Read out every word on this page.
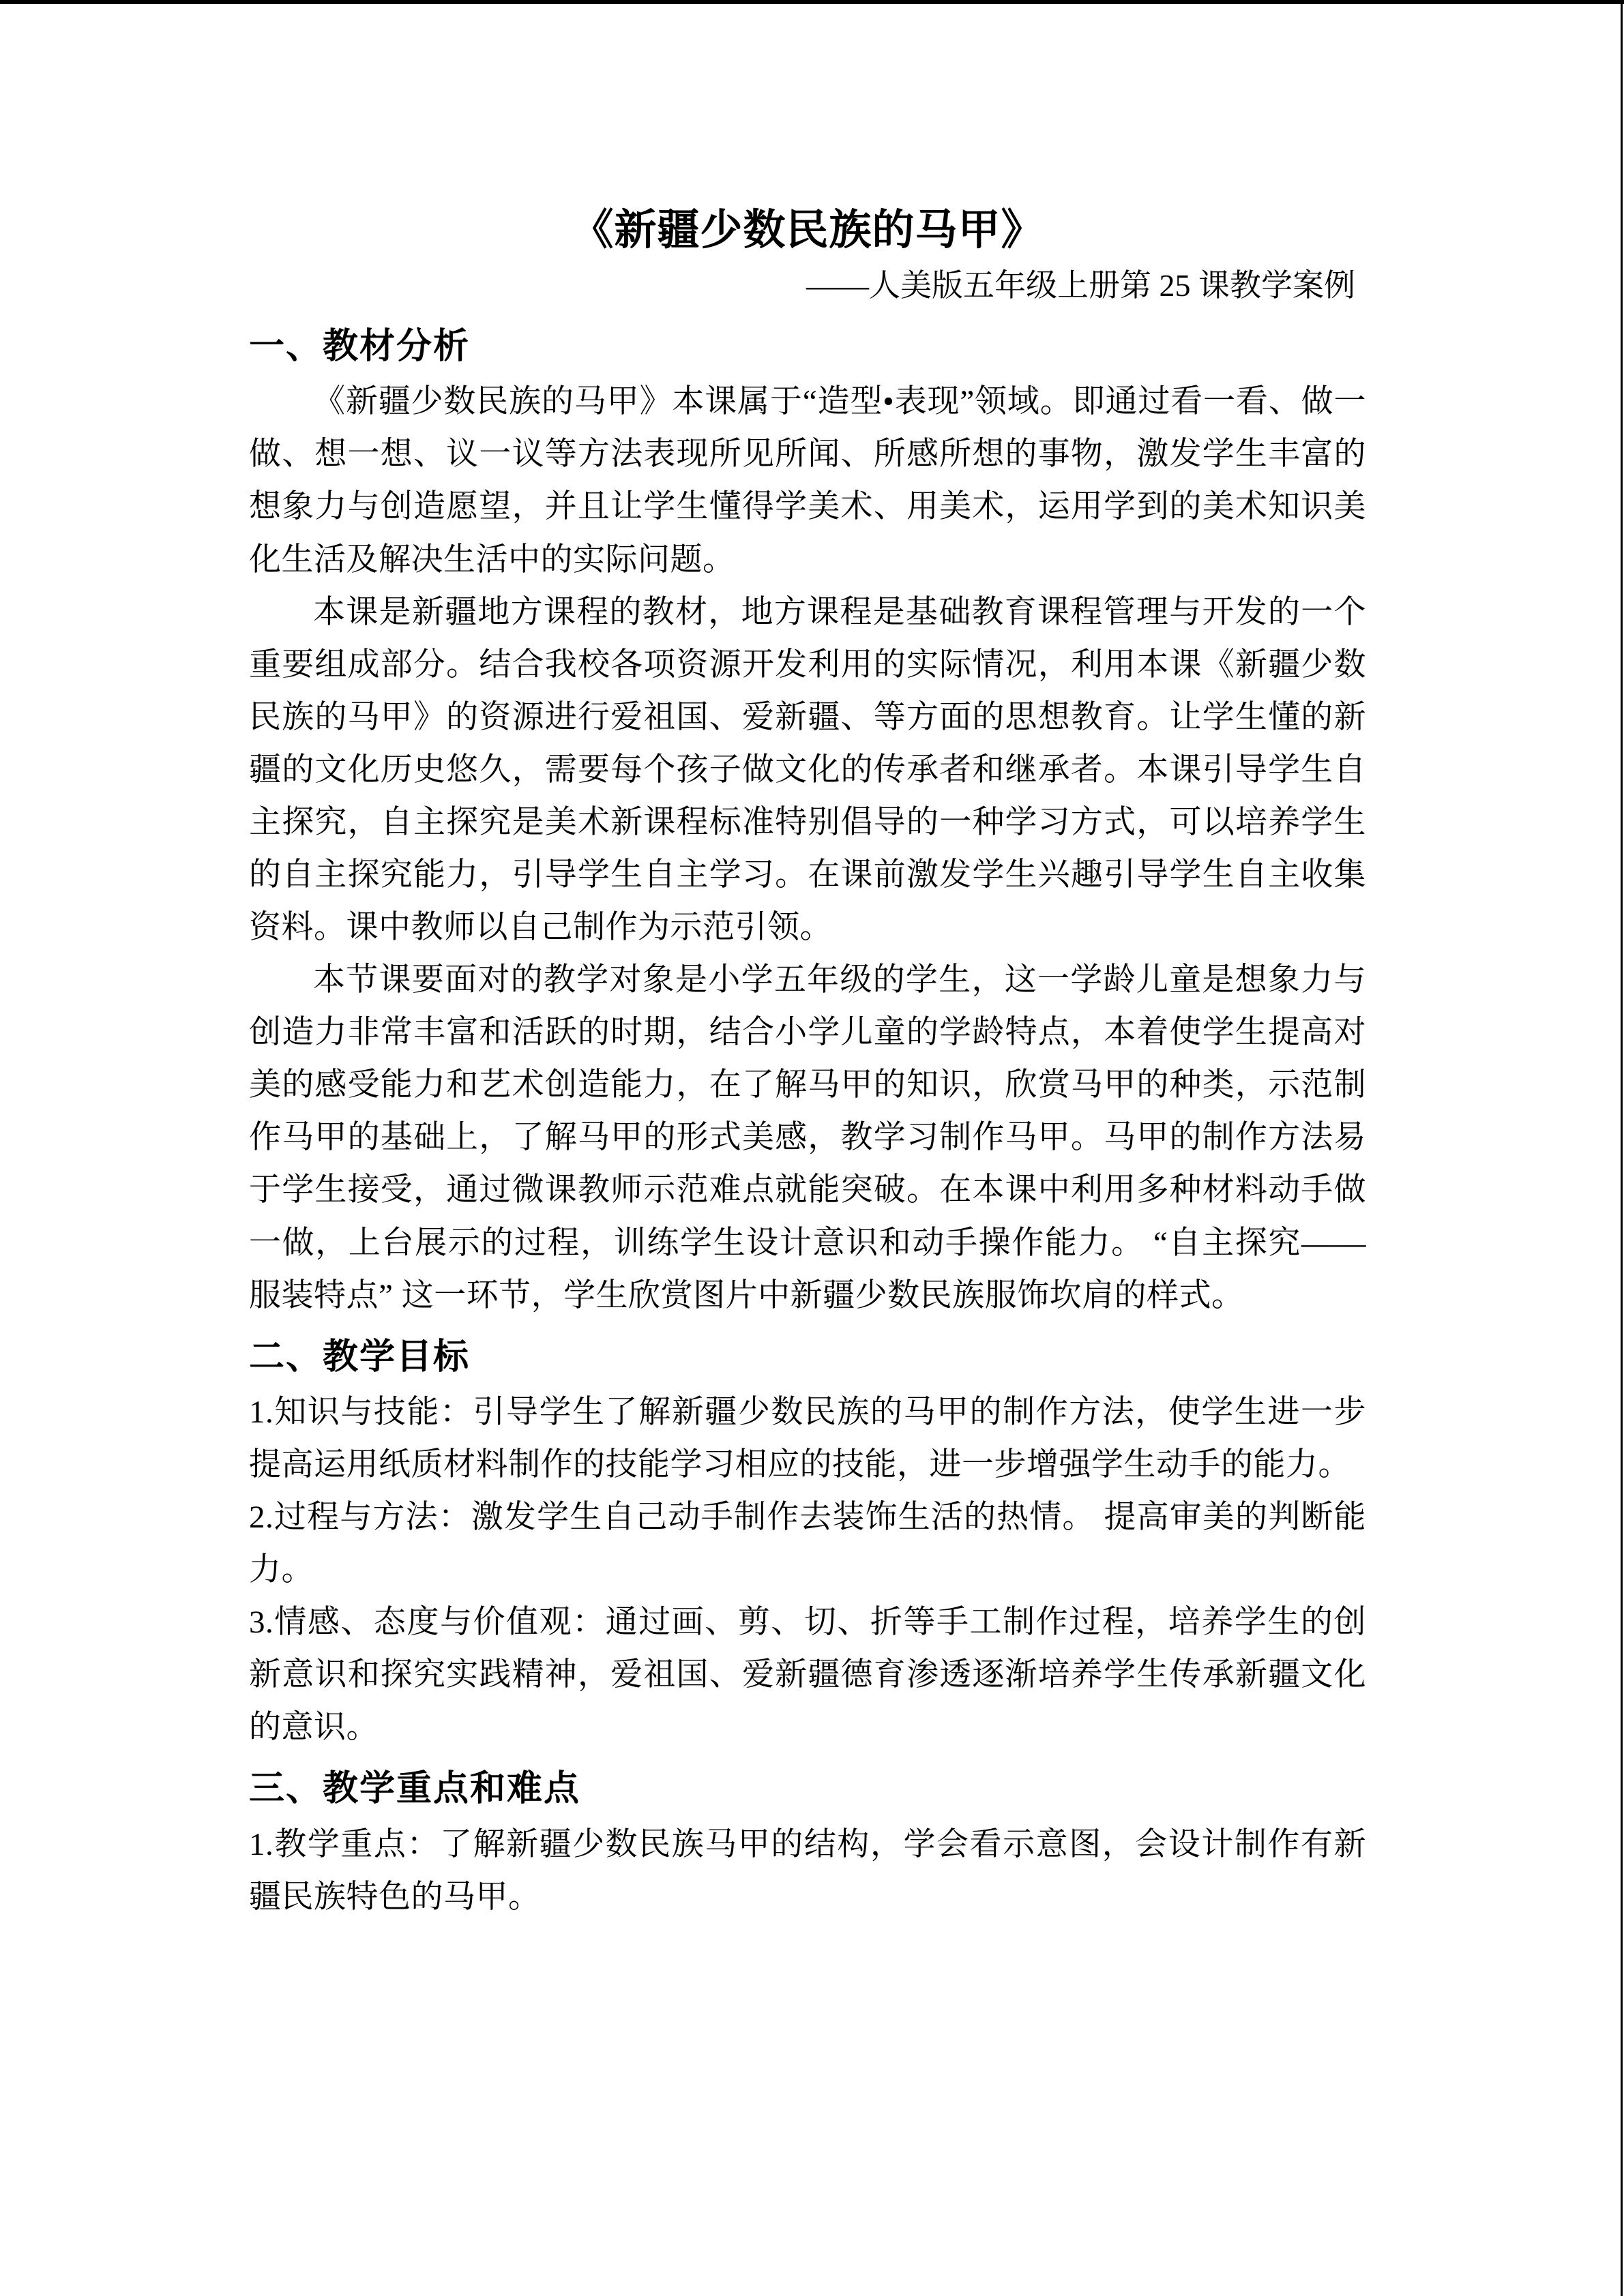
《新疆少数民族的马甲》
——人美版五年级上册第 25 课教学案例
一、教材分析

《新疆少数民族的马甲》本课属于“造型•表现”领域。即通过看一看、做一做、想一想、议一议等方法表现所见所闻、所感所想的事物，激发学生丰富的想象力与创造愿望，并且让学生懂得学美术、用美术，运用学到的美术知识美化生活及解决生活中的实际问题。

本课是新疆地方课程的教材，地方课程是基础教育课程管理与开发的一个重要组成部分。结合我校各项资源开发利用的实际情况，利用本课《新疆少数民族的马甲》的资源进行爱祖国、爱新疆、等方面的思想教育。让学生懂的新疆的文化历史悠久，需要每个孩子做文化的传承者和继承者。本课引导学生自主探究，自主探究是美术新课程标准特别倡导的一种学习方式，可以培养学生的自主探究能力，引导学生自主学习。在课前激发学生兴趣引导学生自主收集资料。课中教师以自己制作为示范引领。

本节课要面对的教学对象是小学五年级的学生，这一学龄儿童是想象力与创造力非常丰富和活跃的时期，结合小学儿童的学龄特点，本着使学生提高对美的感受能力和艺术创造能力，在了解马甲的知识，欣赏马甲的种类，示范制作马甲的基础上，了解马甲的形式美感，教学习制作马甲。马甲的制作方法易于学生接受，通过微课教师示范难点就能突破。在本课中利用多种材料动手做一做，上台展示的过程，训练学生设计意识和动手操作能力。 “自主探究——服装特点” 这一环节，学生欣赏图片中新疆少数民族服饰坎肩的样式。

二、教学目标

1.知识与技能：引导学生了解新疆少数民族的马甲的制作方法，使学生进一步提高运用纸质材料制作的技能学习相应的技能，进一步增强学生动手的能力。

2.过程与方法：激发学生自己动手制作去装饰生活的热情。 提高审美的判断能力。

3.情感、态度与价值观：通过画、剪、切、折等手工制作过程，培养学生的创新意识和探究实践精神，爱祖国、爱新疆德育渗透逐渐培养学生传承新疆文化的意识。

三、教学重点和难点

1.教学重点：了解新疆少数民族马甲的结构，学会看示意图，会设计制作有新疆民族特色的马甲。
